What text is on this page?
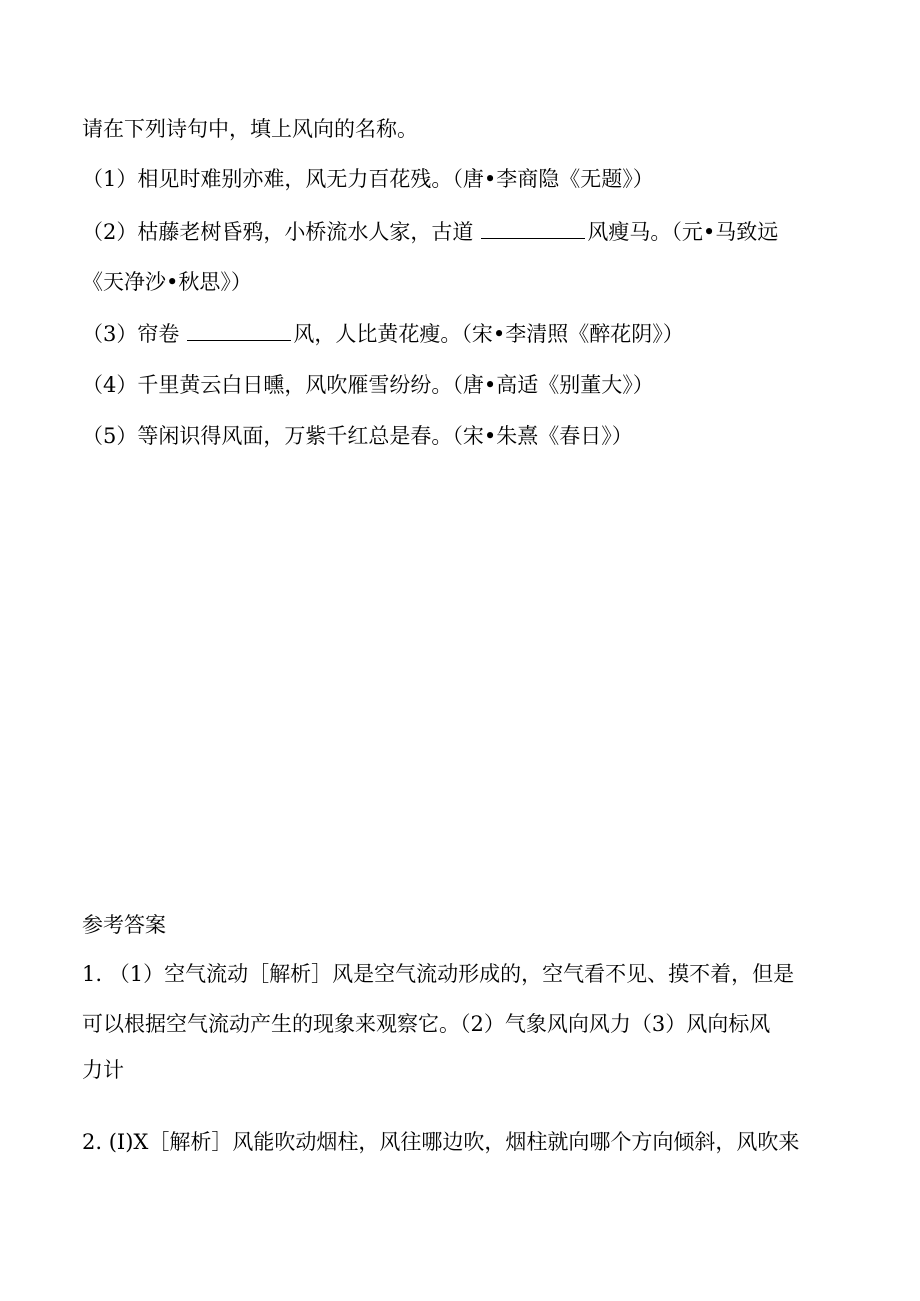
请在下列诗句中，填上风向的名称。
（1）相见时难别亦难，风无力百花残。（唐•李商隐《无题》）
（2）枯藤老树昏鸦，小桥流水人家，古道	风瘦马。（元•马致远
《天净沙•秋思》）
（3）帘卷	风，人比黄花瘦。（宋•李清照《醉花阴》）
（4）千里黄云白日曛，风吹雁雪纷纷。（唐•高适《别董大》）
（5）等闲识得风面，万紫千红总是春。（宋•朱熹《春日》）
参考答案
1. （1）空气流动［解析］风是空气流动形成的，空气看不见、摸不着，但是
可以根据空气流动产生的现象来观察它。（2）气象风向风力（3）风向标风
力计
2. (I)X［解析］风能吹动烟柱，风往哪边吹，烟柱就向哪个方向倾斜，风吹来
